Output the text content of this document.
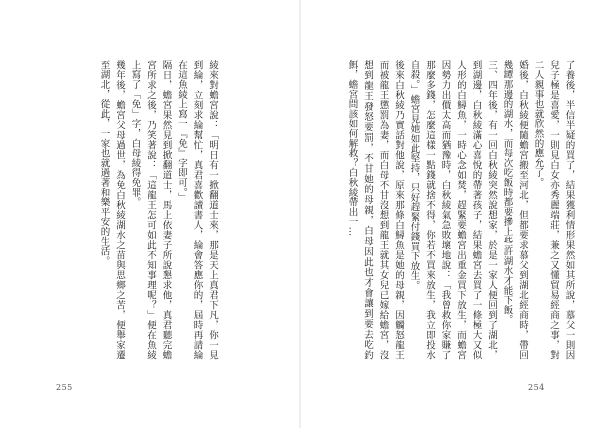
綾來對蟾宮說：「明日有一掀翻道士來，那是天上真君下凡，你一見到綸，立刻求綸幫忙，真君喜歡讀書人，綸會答應你的，屆時再請綸在這魚綾上寫一『免』字即可。」

隔日，蟾宮果然見到掀翻道士，馬上依妻子所說懇求他，真君聽完蟾宮所求之後，乃笑著說：「這龍王怎可如此不知事理呢？」便在魚綾上寫了「免」字，白母綾得免罪。

幾年後，蟾宮父母過世，為免白秋綾湖水之苗與思鄉之苦，便舉家遷至湖北，從此，一家也就過著和樂平安的生活。	了養後，半信半疑的買了，結果獲利情形果然如其所說，慕父一則因兒子極是喜愛，一則見白女亦秀麗端莊，兼之又懂貿易經商之事，對二人親事也就欣然的應允了。

婚後，白秋綾便隨蟾宮搬至河北，但都要求慕父到湖北經商時，帶回幾罈那邊的湖水，而每次吃飯時都要摻上些許湖水才能下飯。

三、四年後，有一回白秋綾突然說想家，於是一家人便回到了湖北，到湖邊，白秋綾滿心喜悅的帶著孩子，結果蟾宮去買了一條極大又似人形的白鱘魚，一時心念如焚，趕緊要蟾宮出重金買下放生，而蟾宮因勢力出價太高而猶豫時，白秋綾氣急敗壞地說：「我曾救你家賺了那麼多錢，怎麼這樣一點錢就捨不得，你若不買來放生，我立即投水自殺。」蟾宮見她如此堅持，只好趕緊付錢買下放生。

後來白秋綾乃實話對他說，原來那條白鱘魚是她的母親，因觸怒龍王而被龍王懲罰為妻，而白母不甘沒想到龍王就其女兒已嫁給蟾宮，沒想到龍王發怒要罰，不甘她的母親，白母因此也才會讓到要去吃釣餌，蟾宮問該如何解救？白秋綾帶出一…

255	254
